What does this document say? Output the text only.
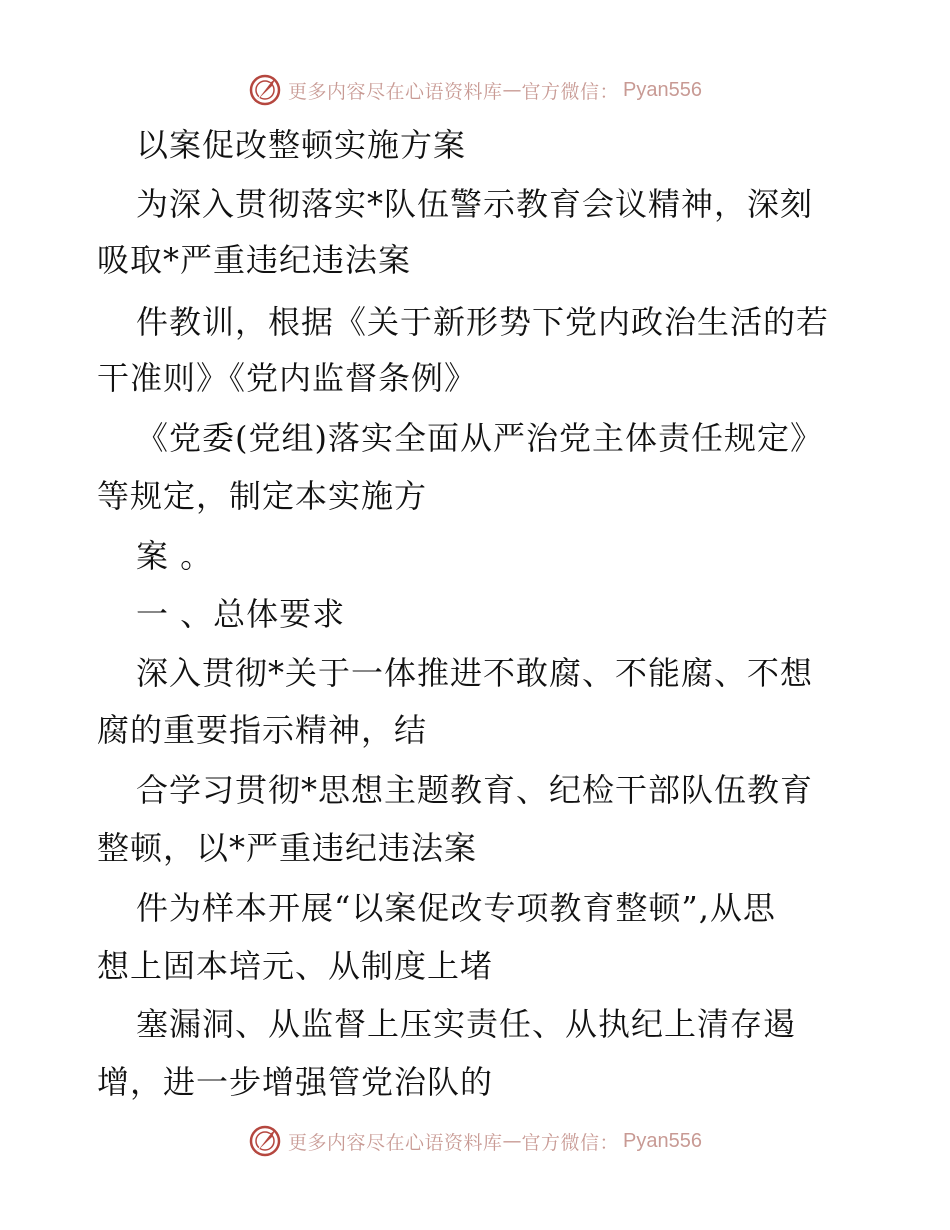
更多内容尽在心语资料库 — 官方微信： Pyan556
以案促改整顿实施方案
为深入贯彻落实*队伍警示教育会议精神，深刻
吸取*严重违纪违法案
件教训，根据《关于新形势下党内政治生活的若
干准则》《党内监督条例》
《党委(党组)落实全面从严治党主体责任规定》
等规定，制定本实施方
案 。
一 、总体要求
深入贯彻*关于一体推进不敢腐、不能腐、不想
腐的重要指示精神，结
合学习贯彻*思想主题教育、纪检干部队伍教育
整顿，以*严重违纪违法案
件为样本开展“以案促改专项教育整顿”,从思
想上固本培元、从制度上堵
塞漏洞、从监督上压实责任、从执纪上清存遏
增，进一步增强管党治队的
更多内容尽在心语资料库 — 官方微信： Pyan556
